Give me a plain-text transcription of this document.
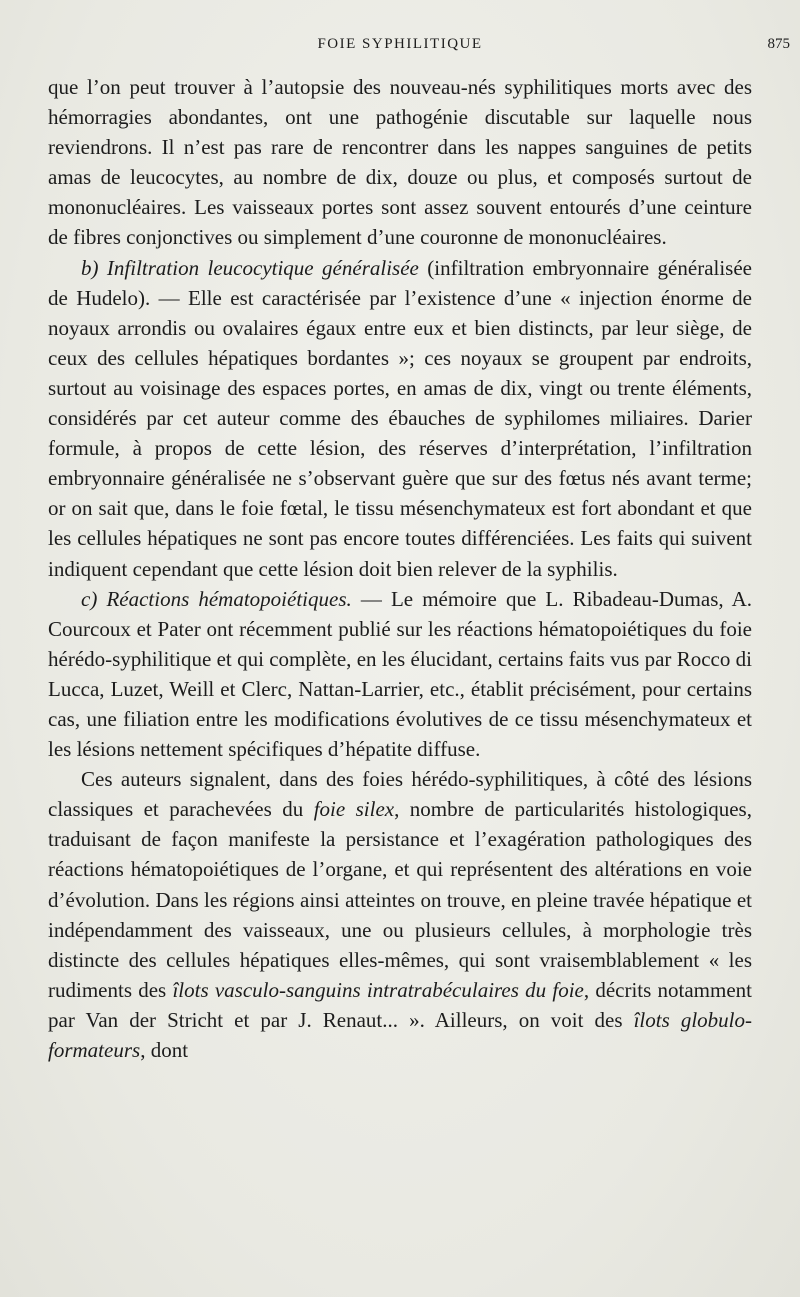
FOIE SYPHILITIQUE	875

que l’on peut trouver à l’autopsie des nouveau-nés syphilitiques morts avec des hémorragies abondantes, ont une pathogénie discutable sur laquelle nous reviendrons. Il n’est pas rare de rencontrer dans les nappes sanguines de petits amas de leucocytes, au nombre de dix, douze ou plus, et composés surtout de mononucléaires. Les vaisseaux portes sont assez souvent entourés d’une ceinture de fibres conjonctives ou simplement d’une couronne de mononucléaires.

b) Infiltration leucocytique généralisée (infiltration embryonnaire généralisée de Hudelo). — Elle est caractérisée par l’existence d’une « injection énorme de noyaux arrondis ou ovalaires égaux entre eux et bien distincts, par leur siège, de ceux des cellules hépatiques bordantes »; ces noyaux se groupent par endroits, surtout au voisinage des espaces portes, en amas de dix, vingt ou trente éléments, considérés par cet auteur comme des ébauches de syphilomes miliaires. Darier formule, à propos de cette lésion, des réserves d’interprétation, l’infiltration embryonnaire généralisée ne s’observant guère que sur des fœtus nés avant terme; or on sait que, dans le foie fœtal, le tissu mésenchymateux est fort abondant et que les cellules hépatiques ne sont pas encore toutes différenciées. Les faits qui suivent indiquent cependant que cette lésion doit bien relever de la syphilis.

c) Réactions hématopoiétiques. — Le mémoire que L. Ribadeau-Dumas, A. Courcoux et Pater ont récemment publié sur les réactions hématopoiétiques du foie hérédo-syphilitique et qui complète, en les élucidant, certains faits vus par Rocco di Lucca, Luzet, Weill et Clerc, Nattan-Larrier, etc., établit précisément, pour certains cas, une filiation entre les modifications évolutives de ce tissu mésenchymateux et les lésions nettement spécifiques d’hépatite diffuse.

Ces auteurs signalent, dans des foies hérédo-syphilitiques, à côté des lésions classiques et parachevées du foie silex, nombre de particularités histologiques, traduisant de façon manifeste la persistance et l’exagération pathologiques des réactions hématopoiétiques de l’organe, et qui représentent des altérations en voie d’évolution. Dans les régions ainsi atteintes on trouve, en pleine travée hépatique et indépendamment des vaisseaux, une ou plusieurs cellules, à morphologie très distincte des cellules hépatiques elles-mêmes, qui sont vraisemblablement « les rudiments des îlots vasculo-sanguins intratrabéculaires du foie, décrits notamment par Van der Stricht et par J. Renaut... ». Ailleurs, on voit des îlots globulo-formateurs, dont
